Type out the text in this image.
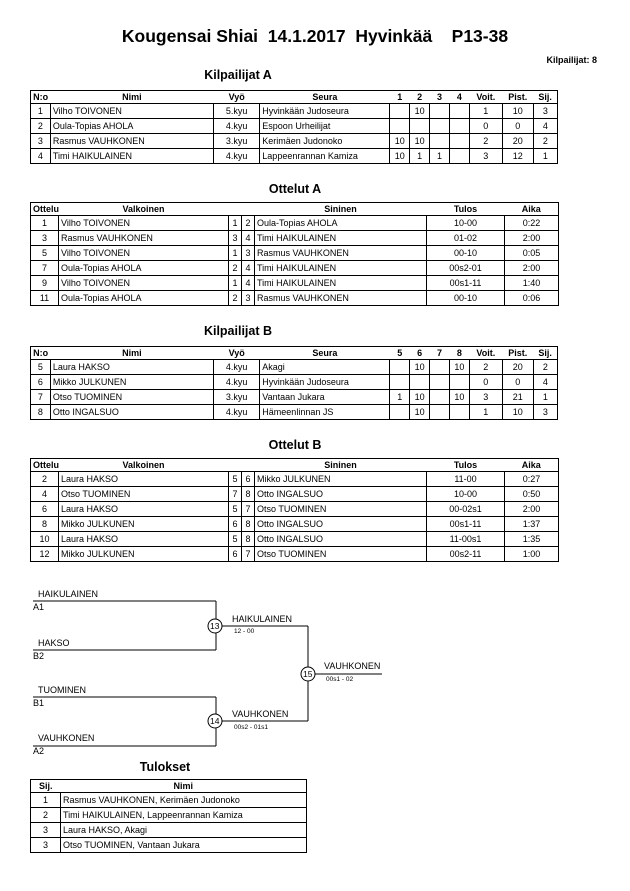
Kougensai Shiai  14.1.2017  Hyvinkää    P13-38
Kilpailijat: 8
Kilpailijat A
N:o	Nimi	Vyö	Seura	1	2	3	4	Voit.	Pist.	Sij.
1	Vilho TOIVONEN	5.kyu	Hyvinkään Judoseura		10			1	10	3
2	Oula-Topias AHOLA	4.kyu	Espoon Urheilijat					0	0	4
3	Rasmus VAUHKONEN	3.kyu	Kerimäen Judonoko	10	10			2	20	2
4	Timi HAIKULAINEN	4.kyu	Lappeenrannan Kamiza	10	1	1		3	12	1
Ottelut A
Ottelu	Valkoinen			Sininen	Tulos	Aika
1	Vilho TOIVONEN	1	2	Oula-Topias AHOLA	10-00	0:22
3	Rasmus VAUHKONEN	3	4	Timi HAIKULAINEN	01-02	2:00
5	Vilho TOIVONEN	1	3	Rasmus VAUHKONEN	00-10	0:05
7	Oula-Topias AHOLA	2	4	Timi HAIKULAINEN	00s2-01	2:00
9	Vilho TOIVONEN	1	4	Timi HAIKULAINEN	00s1-11	1:40
11	Oula-Topias AHOLA	2	3	Rasmus VAUHKONEN	00-10	0:06
Kilpailijat B
N:o	Nimi	Vyö	Seura	5	6	7	8	Voit.	Pist.	Sij.
5	Laura HAKSO	4.kyu	Akagi		10		10	2	20	2
6	Mikko JULKUNEN	4.kyu	Hyvinkään Judoseura					0	0	4
7	Otso TUOMINEN	3.kyu	Vantaan Jukara	1	10		10	3	21	1
8	Otto INGALSUO	4.kyu	Hämeenlinnan JS		10			1	10	3
Ottelut B
Ottelu	Valkoinen			Sininen	Tulos	Aika
2	Laura HAKSO	5	6	Mikko JULKUNEN	11-00	0:27
4	Otso TUOMINEN	7	8	Otto INGALSUO	10-00	0:50
6	Laura HAKSO	5	7	Otso TUOMINEN	00-02s1	2:00
8	Mikko JULKUNEN	6	8	Otto INGALSUO	00s1-11	1:37
10	Laura HAKSO	5	8	Otto INGALSUO	11-00s1	1:35
12	Mikko JULKUNEN	6	7	Otso TUOMINEN	00s2-11	1:00
HAIKULAINEN
A1
HAKSO
B2
13
HAIKULAINEN
12 - 00
TUOMINEN
B1
VAUHKONEN
A2
14
VAUHKONEN
00s2 - 01s1
15
VAUHKONEN
00s1 - 02
Tulokset
Sij.	Nimi
1	Rasmus VAUHKONEN, Kerimäen Judonoko
2	Timi HAIKULAINEN, Lappeenrannan Kamiza
3	Laura HAKSO, Akagi
3	Otso TUOMINEN, Vantaan Jukara
